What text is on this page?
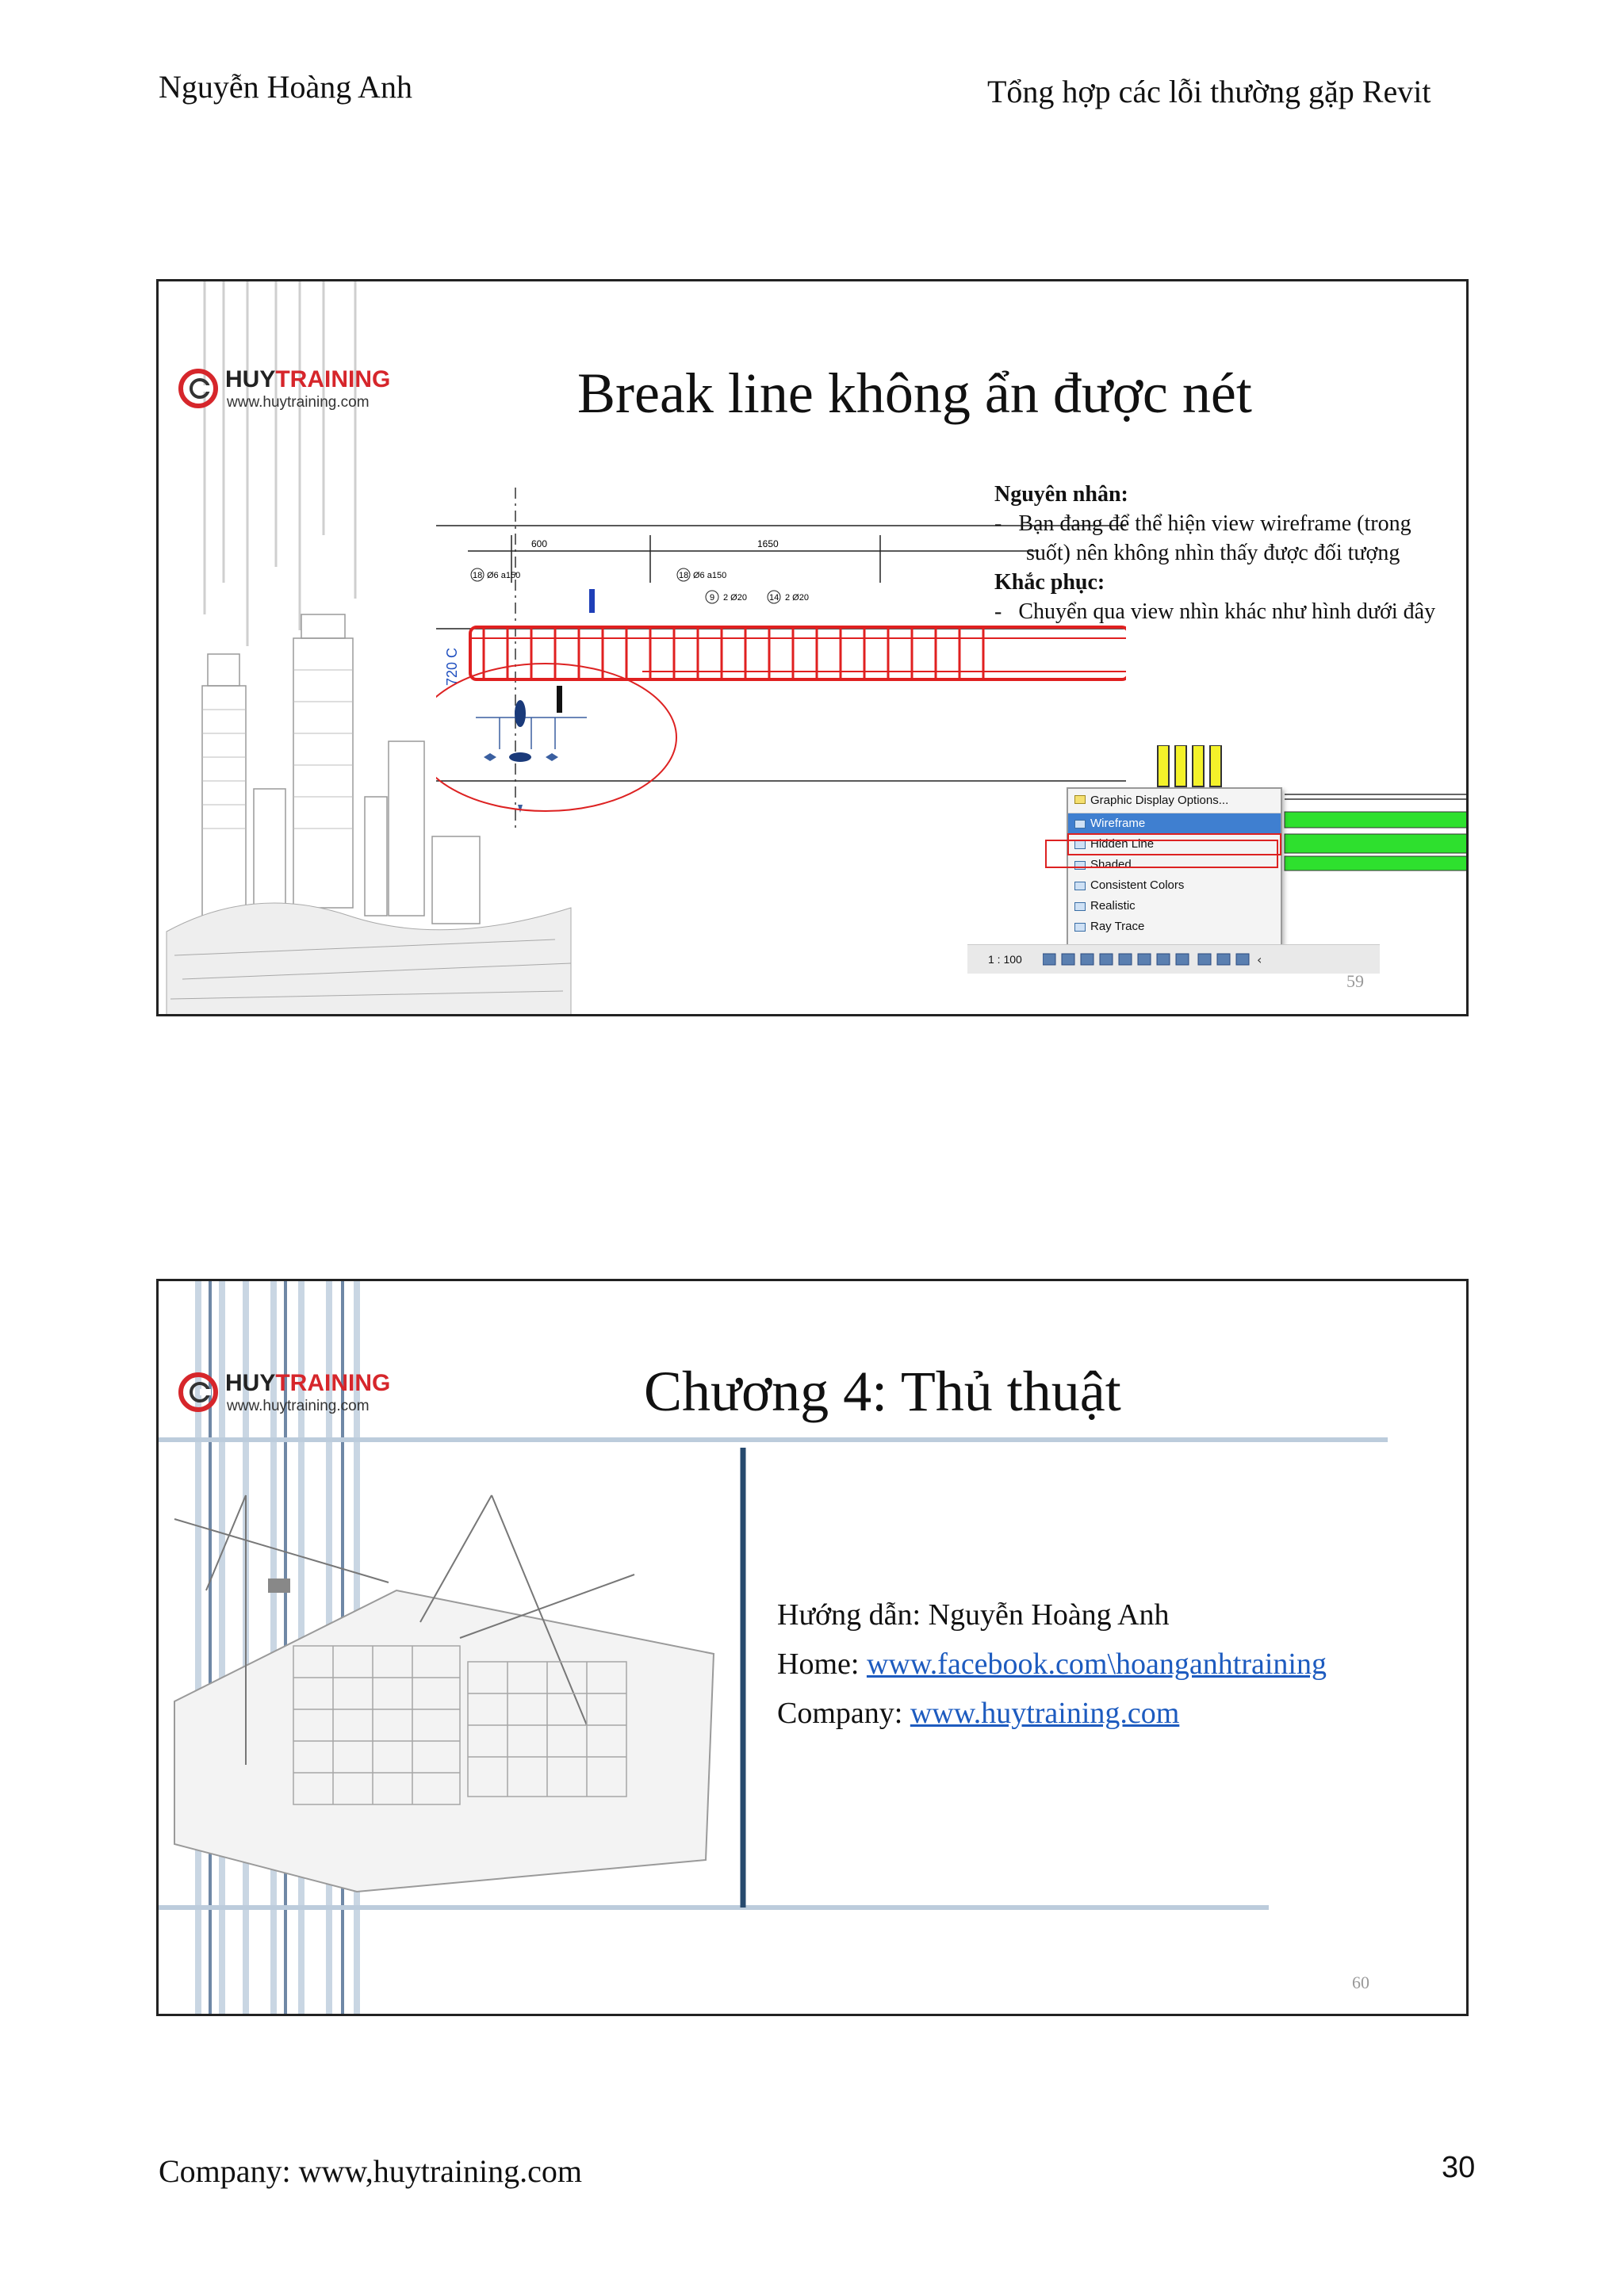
Nguyễn Hoàng Anh	Tổng hợp các lỗi thường gặp Revit
HUYTRAINING
www.huytraining.com	Break line không ẩn được nét
600	1650
18 Ø6 a150	18 Ø6 a150
9 2 Ø20	14 2 Ø20
720 C
Nguyên nhân:
-   Bạn đang để thể hiện view wireframe (trong suốt) nên không nhìn thấy được đối tượng
Khắc phục:
-   Chuyển qua view nhìn khác như hình dưới đây
Graphic Display Options...
Wireframe
Hidden Line
Shaded
Consistent Colors
Realistic
Ray Trace
1 : 100	‹
59
HUYTRAINING
www.huytraining.com	Chương 4: Thủ thuật
Hướng dẫn: Nguyễn Hoàng Anh
Home: www.facebook.com\hoanganhtraining
Company: www.huytraining.com
60
Company: www,huytraining.com	30
